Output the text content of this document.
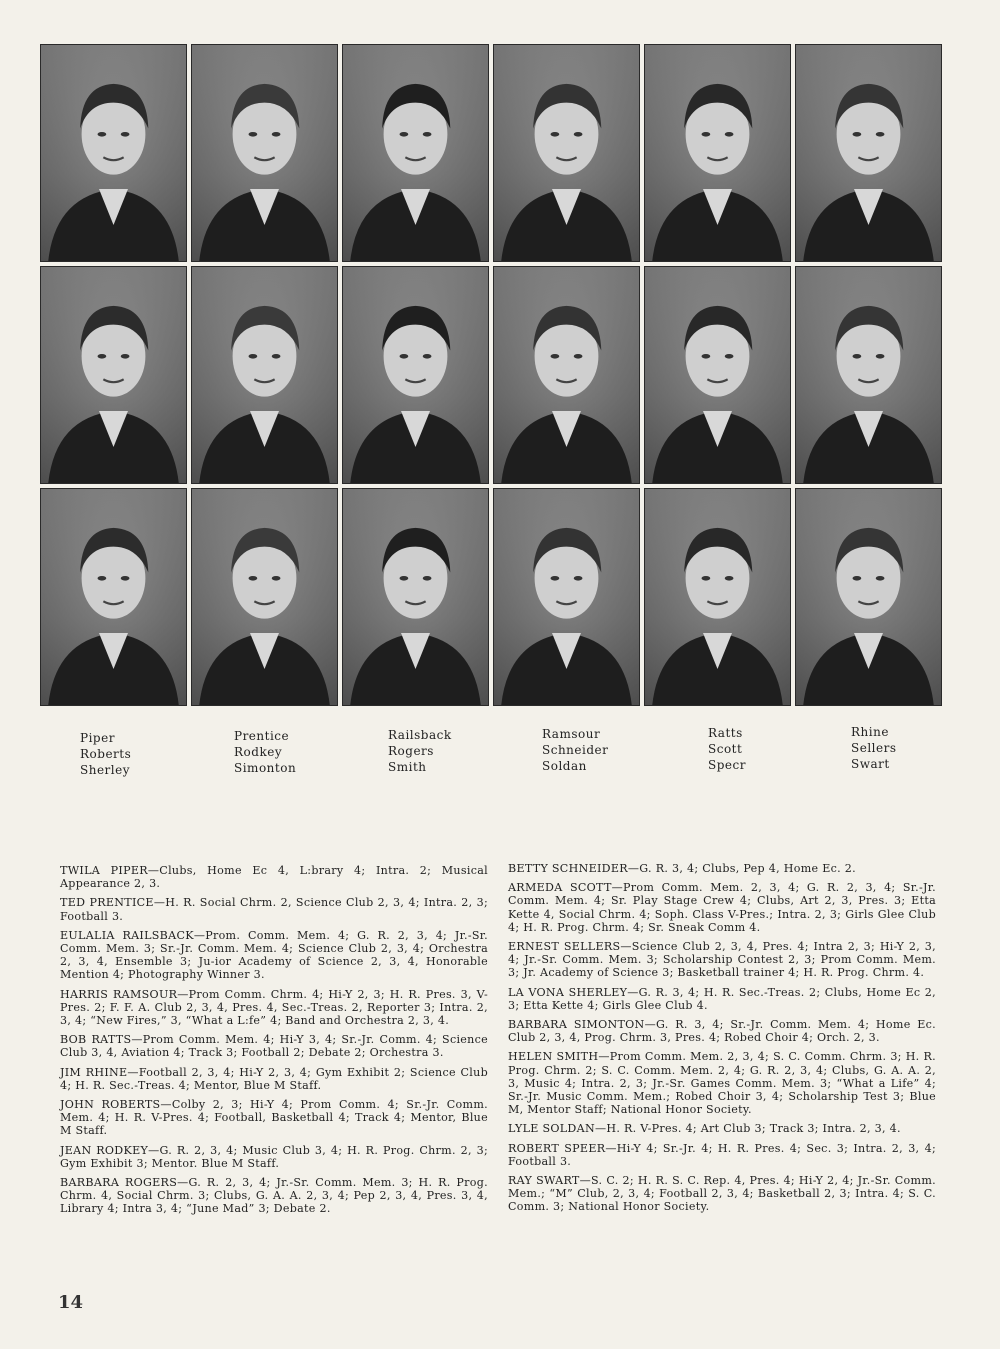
Piper
Roberts
Sherley
Prentice
Rodkey
Simonton
Railsback
Rogers
Smith
Ramsour
Schneider
Soldan
Ratts
Scott
Specr
Rhine
Sellers
Swart

TWILA PIPER—Clubs, Home Ec 4, L:brary 4; Intra. 2; Musical Appearance 2, 3.

TED PRENTICE—H. R. Social Chrm. 2, Science Club 2, 3, 4; Intra. 2, 3; Football 3.

EULALIA RAILSBACK—Prom. Comm. Mem. 4; G. R. 2, 3, 4; Jr.-Sr. Comm. Mem. 3; Sr.-Jr. Comm. Mem. 4; Science Club 2, 3, 4; Orchestra 2, 3, 4, Ensemble 3; Ju-ior Academy of Science 2, 3, 4, Honorable Mention 4; Photography Winner 3.

HARRIS RAMSOUR—Prom Comm. Chrm. 4; Hi-Y 2, 3; H. R. Pres. 3, V-Pres. 2; F. F. A. Club 2, 3, 4, Pres. 4, Sec.-Treas. 2, Reporter 3; Intra. 2, 3, 4; “New Fires,” 3, “What a L:fe” 4; Band and Orchestra 2, 3, 4.

BOB RATTS—Prom Comm. Mem. 4; Hi-Y 3, 4; Sr.-Jr. Comm. 4; Science Club 3, 4, Aviation 4; Track 3; Football 2; Debate 2; Orchestra 3.

JIM RHINE—Football 2, 3, 4; Hi-Y 2, 3, 4; Gym Exhibit 2; Science Club 4; H. R. Sec.-Treas. 4; Mentor, Blue M Staff.

JOHN ROBERTS—Colby 2, 3; Hi-Y 4; Prom Comm. 4; Sr.-Jr. Comm. Mem. 4; H. R. V-Pres. 4; Football, Basketball 4; Track 4; Mentor, Blue M Staff.

JEAN RODKEY—G. R. 2, 3, 4; Music Club 3, 4; H. R. Prog. Chrm. 2, 3; Gym Exhibit 3; Mentor. Blue M Staff.

BARBARA ROGERS—G. R. 2, 3, 4; Jr.-Sr. Comm. Mem. 3; H. R. Prog. Chrm. 4, Social Chrm. 3; Clubs, G. A. A. 2, 3, 4; Pep 2, 3, 4, Pres. 3, 4, Library 4; Intra 3, 4; “June Mad” 3; Debate 2.

BETTY SCHNEIDER—G. R. 3, 4; Clubs, Pep 4, Home Ec. 2.

ARMEDA SCOTT—Prom Comm. Mem. 2, 3, 4; G. R. 2, 3, 4; Sr.-Jr. Comm. Mem. 4; Sr. Play Stage Crew 4; Clubs, Art 2, 3, Pres. 3; Etta Kette 4, Social Chrm. 4; Soph. Class V-Pres.; Intra. 2, 3; Girls Glee Club 4; H. R. Prog. Chrm. 4; Sr. Sneak Comm 4.

ERNEST SELLERS—Science Club 2, 3, 4, Pres. 4; Intra 2, 3; Hi-Y 2, 3, 4; Jr.-Sr. Comm. Mem. 3; Scholarship Contest 2, 3; Prom Comm. Mem. 3; Jr. Academy of Science 3; Basketball trainer 4; H. R. Prog. Chrm. 4.

LA VONA SHERLEY—G. R. 3, 4; H. R. Sec.-Treas. 2; Clubs, Home Ec 2, 3; Etta Kette 4; Girls Glee Club 4.

BARBARA SIMONTON—G. R. 3, 4; Sr.-Jr. Comm. Mem. 4; Home Ec. Club 2, 3, 4, Prog. Chrm. 3, Pres. 4; Robed Choir 4; Orch. 2, 3.

HELEN SMITH—Prom Comm. Mem. 2, 3, 4; S. C. Comm. Chrm. 3; H. R. Prog. Chrm. 2; S. C. Comm. Mem. 2, 4; G. R. 2, 3, 4; Clubs, G. A. A. 2, 3, Music 4; Intra. 2, 3; Jr.-Sr. Games Comm. Mem. 3; “What a Life” 4; Sr.-Jr. Music Comm. Mem.; Robed Choir 3, 4; Scholarship Test 3; Blue M, Mentor Staff; National Honor Society.

LYLE SOLDAN—H. R. V-Pres. 4; Art Club 3; Track 3; Intra. 2, 3, 4.

ROBERT SPEER—Hi-Y 4; Sr.-Jr. 4; H. R. Pres. 4; Sec. 3; Intra. 2, 3, 4; Football 3.

RAY SWART—S. C. 2; H. R. S. C. Rep. 4, Pres. 4; Hi-Y 2, 4; Jr.-Sr. Comm. Mem.; “M” Club, 2, 3, 4; Football 2, 3, 4; Basketball 2, 3; Intra. 4; S. C. Comm. 3; National Honor Society.

14
